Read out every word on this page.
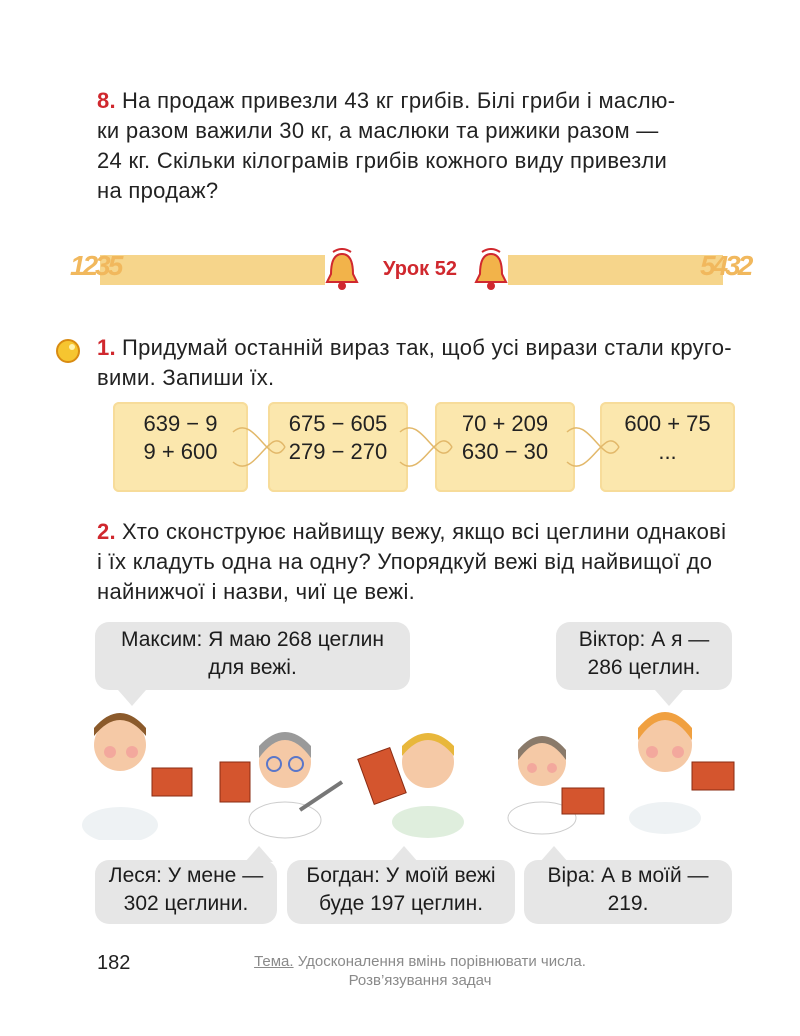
8. На продаж привезли 43 кг грибів. Білі гриби і маслю-
ки разом важили 30 кг, а маслюки та рижики разом —
24 кг. Скільки кілограмів грибів кожного виду привезли
на продаж?
1235	5432
Урок 52
1. Придумай останній вираз так, щоб усі вирази стали круго-
вими. Запиши їх.
639 − 9
9 + 600
675 − 605
279 − 270
70 + 209
630 − 30
600 + 75
...
2. Хто сконструює найвищу вежу, якщо всі цеглини однакові
і їх кладуть одна на одну? Упорядкуй вежі від найвищої до
найнижчої і назви, чиї це вежі.
Максим: Я маю 268 цеглин
для вежі.
Віктор: А я —
286 цеглин.
Леся: У мене —
302 цеглини.
Богдан: У моїй вежі
буде 197 цеглин.
Віра: А в моїй —
219.
182	Тема. Удосконалення вмінь порівнювати числа.
Розв’язування задач
